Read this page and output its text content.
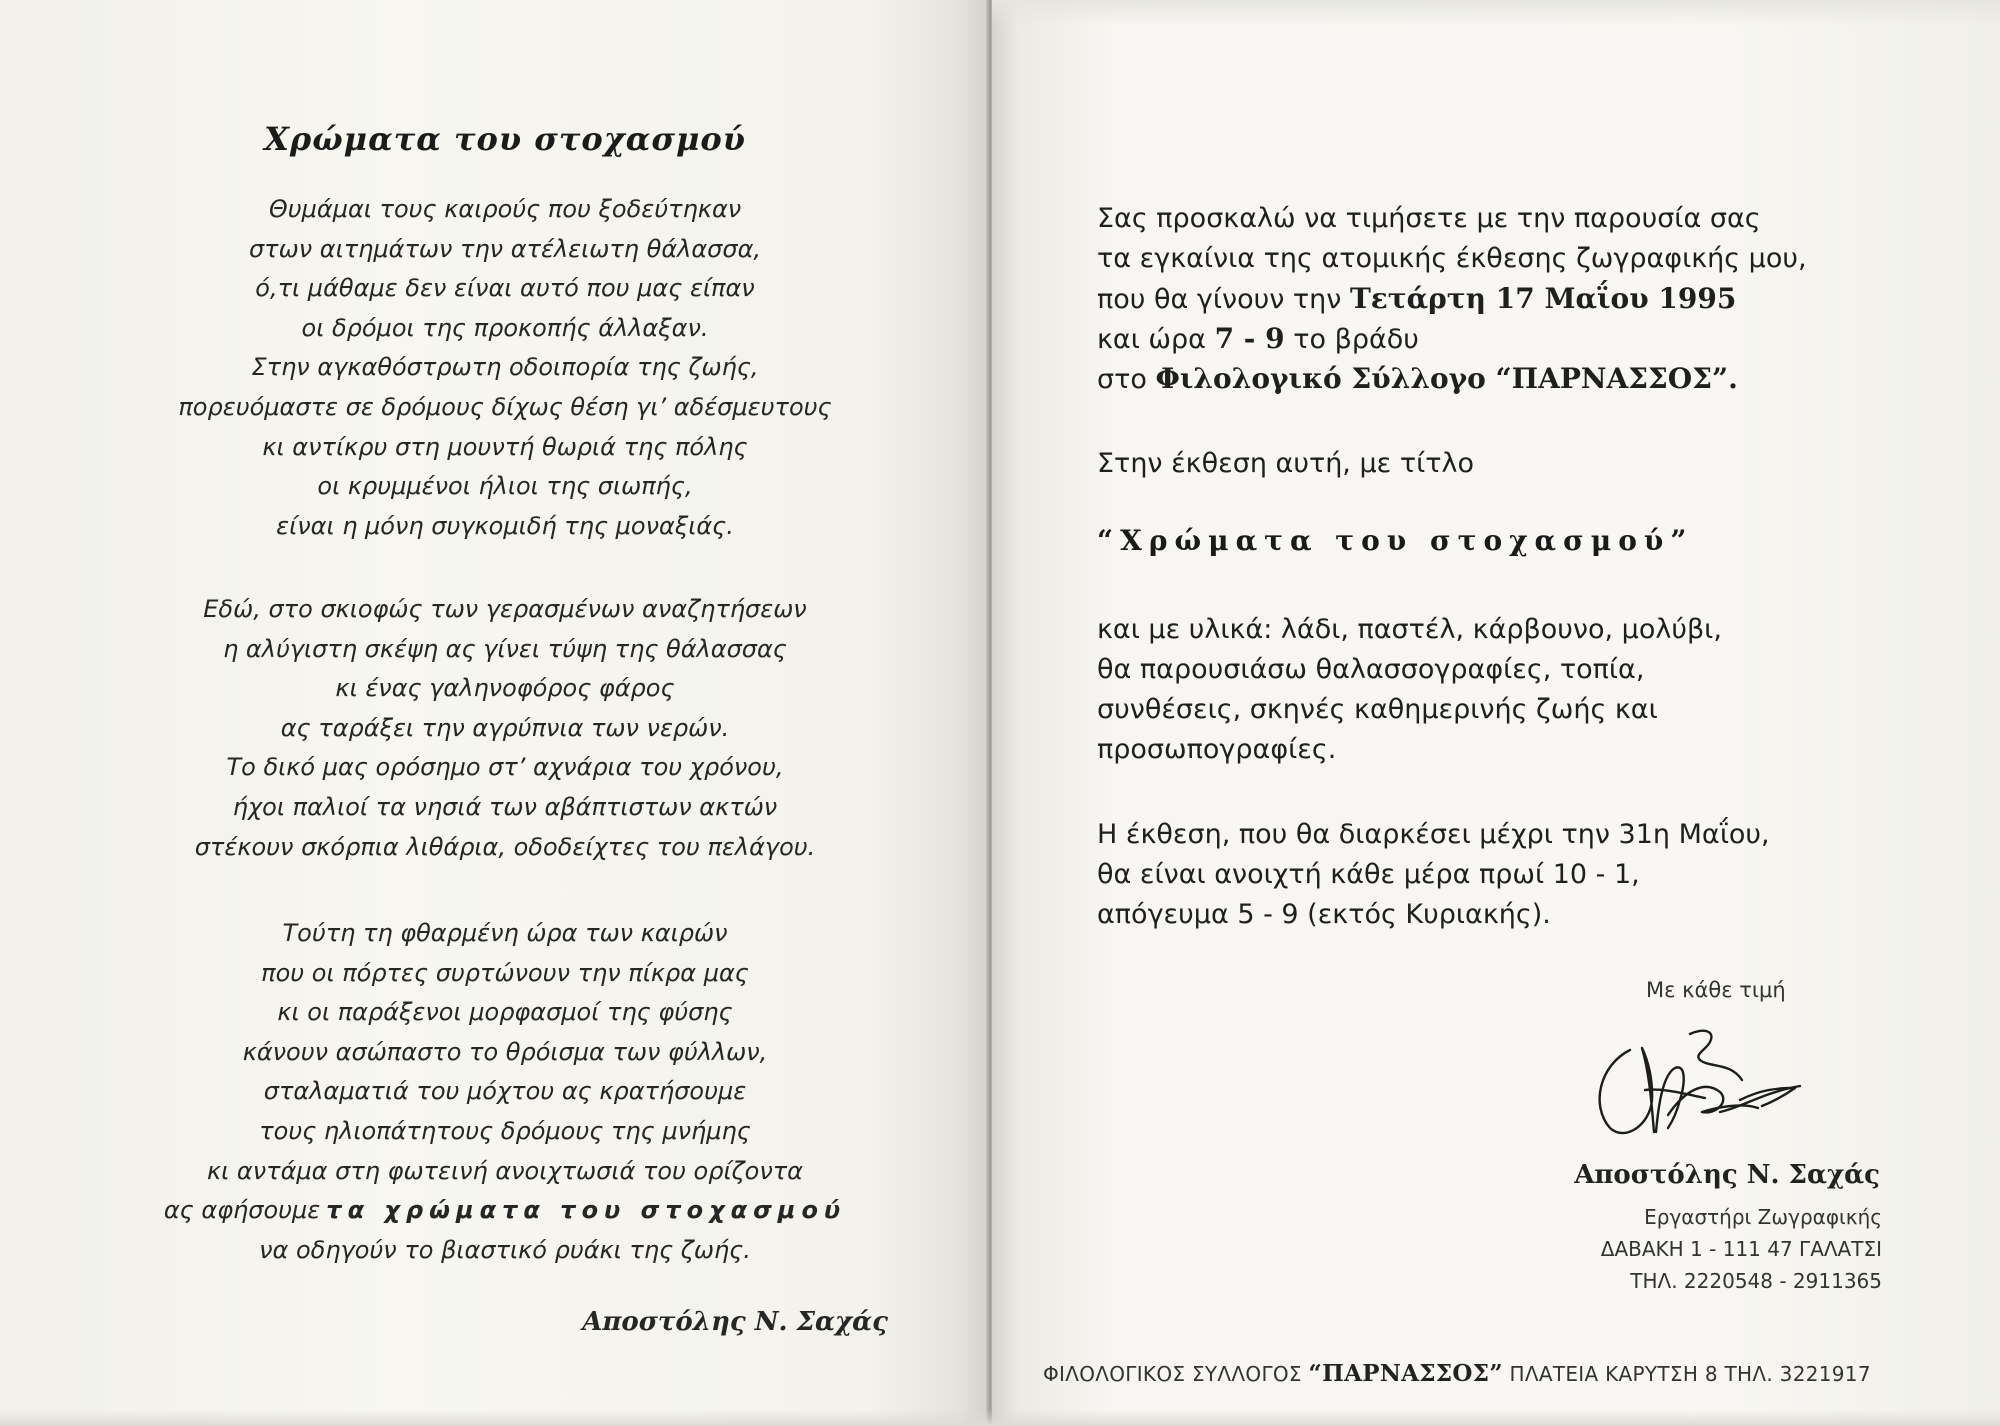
Χρώματα του στοχασμού
Θυμάμαι τους καιρούς που ξοδεύτηκαν
στων αιτημάτων την ατέλειωτη θάλασσα,
ό,τι μάθαμε δεν είναι αυτό που μας είπαν
οι δρόμοι της προκοπής άλλαξαν.
Στην αγκαθόστρωτη οδοιπορία της ζωής,
πορευόμαστε σε δρόμους δίχως θέση γι’ αδέσμευτους
κι αντίκρυ στη μουντή θωριά της πόλης
οι κρυμμένοι ήλιοι της σιωπής,
είναι η μόνη συγκομιδή της μοναξιάς.
Εδώ, στο σκιοφώς των γερασμένων αναζητήσεων
η αλύγιστη σκέψη ας γίνει τύψη της θάλασσας
κι ένας γαληνοφόρος φάρος
ας ταράξει την αγρύπνια των νερών.
Το δικό μας ορόσημο στ’ αχνάρια του χρόνου,
ήχοι παλιοί τα νησιά των αβάπτιστων ακτών
στέκουν σκόρπια λιθάρια, οδοδείχτες του πελάγου.
Τούτη τη φθαρμένη ώρα των καιρών
που οι πόρτες συρτώνουν την πίκρα μας
κι οι παράξενοι μορφασμοί της φύσης
κάνουν ασώπαστο το θρόισμα των φύλλων,
σταλαματιά του μόχτου ας κρατήσουμε
τους ηλιοπάτητους δρόμους της μνήμης
κι αντάμα στη φωτεινή ανοιχτωσιά του ορίζοντα
ας αφήσουμε τα χρώματα του στοχασμού
να οδηγούν το βιαστικό ρυάκι της ζωής.
Αποστόλης Ν. Σαχάς
Σας προσκαλώ να τιμήσετε με την παρουσία σας
τα εγκαίνια της ατομικής έκθεσης ζωγραφικής μου,
που θα γίνουν την Τετάρτη 17 Μαΐου 1995
και ώρα 7 - 9 το βράδυ
στο Φιλολογικό Σύλλογο “ΠΑΡΝΑΣΣΟΣ”.
Στην έκθεση αυτή, με τίτλο
“Χρώματα του στοχασμού”
και με υλικά: λάδι, παστέλ, κάρβουνο, μολύβι,
θα παρουσιάσω θαλασσογραφίες, τοπία,
συνθέσεις, σκηνές καθημερινής ζωής και
προσωπογραφίες.
Η έκθεση, που θα διαρκέσει μέχρι την 31η Μαΐου,
θα είναι ανοιχτή κάθε μέρα πρωί 10 - 1,
απόγευμα 5 - 9 (εκτός Κυριακής).
Με κάθε τιμή
Αποστόλης Ν. Σαχάς
Εργαστήρι Ζωγραφικής
ΔΑΒΑΚΗ 1 - 111 47 ΓΑΛΑΤΣΙ
ΤΗΛ. 2220548 - 2911365
ΦΙΛΟΛΟΓΙΚΟΣ ΣΥΛΛΟΓΟΣ “ΠΑΡΝΑΣΣΟΣ” ΠΛΑΤΕΙΑ ΚΑΡΥΤΣΗ 8 ΤΗΛ. 3221917
